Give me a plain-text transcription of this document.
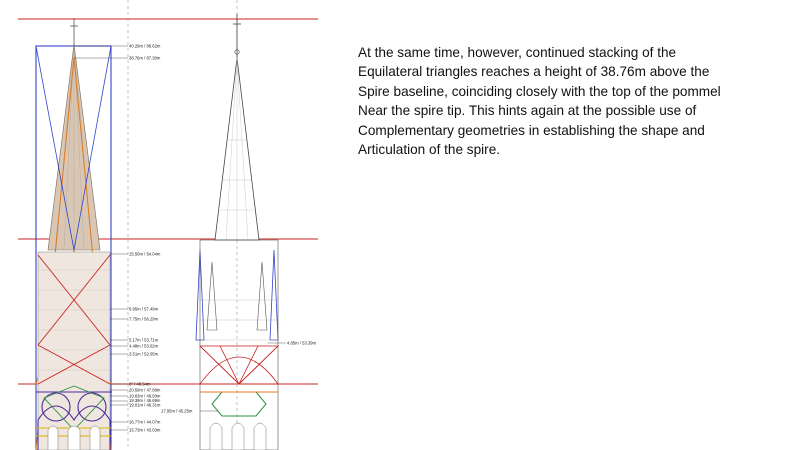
40.29m / 88.62m
38.76m / 87.30m
15.50m / 64.04m
8.95m / 57.49m
7.75m / 56.29m
5.17m / 53.71m
4.48m / 53.02m
3.51m / 52.05m
0° / 48.54m
20.59m / 47.88m
19.63m / 46.93m
19.39m / 46.69m
19.01m / 46.31m
16.77m / 44.07m
15.73m / 43.03m
4.85m / 53.39m
17.95m / 45.25m

At the same time, however, continued stacking of the

Equilateral triangles reaches a height of 38.76m above the

Spire baseline, coinciding closely with the top of the pommel

Near the spire tip. This hints again at the possible use of

Complementary geometries in establishing the shape and

Articulation of the spire.
